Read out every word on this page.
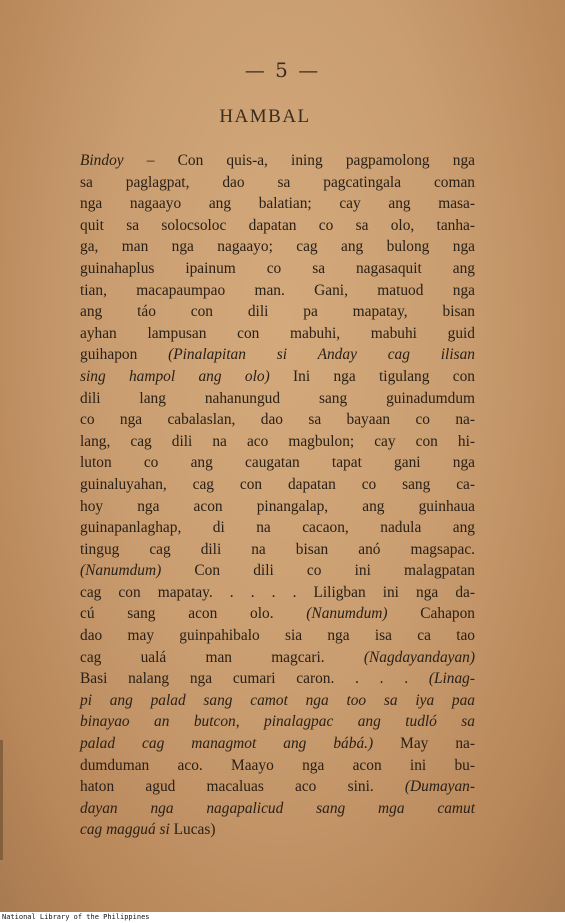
— 5 —
HAMBAL
Bindoy – Con quis-a, ining pagpamolong nga
sa paglagpat, dao sa pagcatingala coman
nga nagaayo ang balatian; cay ang masa-
quit sa solocsoloc dapatan co sa olo, tanha-
ga, man nga nagaayo; cag ang bulong nga
guinahaplus ipainum co sa nagasaquit ang
tian, macapaumpao man. Gani, matuod nga
ang táo con dili pa mapatay, bisan
ayhan lampusan con mabuhi, mabuhi guid
guihapon (Pinalapitan si Anday cag ilisan
sing hampol ang olo) Ini nga tigulang con
dili lang nahanungud sang guinadumdum
co nga cabalaslan, dao sa bayaan co na-
lang, cag dili na aco magbulon; cay con hi-
luton co ang caugatan tapat gani nga
guinaluyahan, cag con dapatan co sang ca-
hoy nga acon pinangalap, ang guinhaua
guinapanlaghap, di na cacaon, nadula ang
tingug cag dili na bisan anó magsapac.
(Nanumdum) Con dili co ini malagpatan
cag con mapatay. . . . . Liligban ini nga da-
cú sang acon olo. (Nanumdum) Cahapon
dao may guinpahibalo sia nga isa ca tao
cag ualá man magcari. (Nagdayandayan)
Basi nalang nga cumari caron. . . . (Linag-
pi ang palad sang camot nga too sa iya paa
binayao an butcon, pinalagpac ang tudló sa
palad cag managmot ang bábá.) May na-
dumduman aco. Maayo nga acon ini bu-
haton agud macaluas aco sini. (Dumayan-
dayan nga nagapalicud sang mga camut
cag magguá si Lucas)
National Library of the Philippines
